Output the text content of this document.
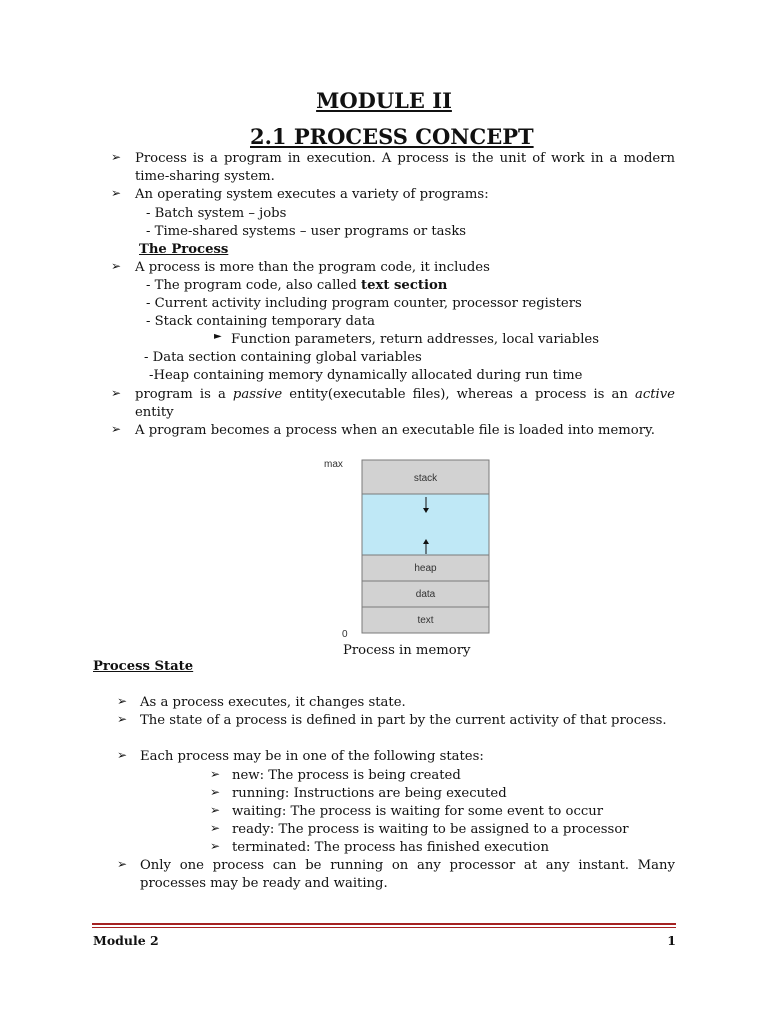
MODULE II
2.1 PROCESS CONCEPT
➢ Process is a program in execution. A process is the unit of work in a modern
time-sharing system.
➢ An operating system executes a variety of programs:
- Batch system – jobs
- Time-shared systems – user programs or tasks
The Process
➢ A process is more than the program code, it includes
- The program code, also called text section
- Current activity including program counter, processor registers
- Stack containing temporary data
► Function parameters, return addresses, local variables
- Data section containing global variables
-Heap containing memory dynamically allocated during run time
➢ program is a passive entity(executable files), whereas a process is an active
entity
➢ A program becomes a process when an executable file is loaded into memory.
max
0
stack
heap
data
text
Process in memory
Process State
➢ As a process executes, it changes state.
➢ The state of a process is defined in part by the current activity of that process.
➢ Each process may be in one of the following states:
➢ new: The process is being created
➢ running: Instructions are being executed
➢ waiting: The process is waiting for some event to occur
➢ ready: The process is waiting to be assigned to a processor
➢ terminated: The process has finished execution
➢ Only one process can be running on any processor at any instant. Many
processes may be ready and waiting.
Module 2	1
